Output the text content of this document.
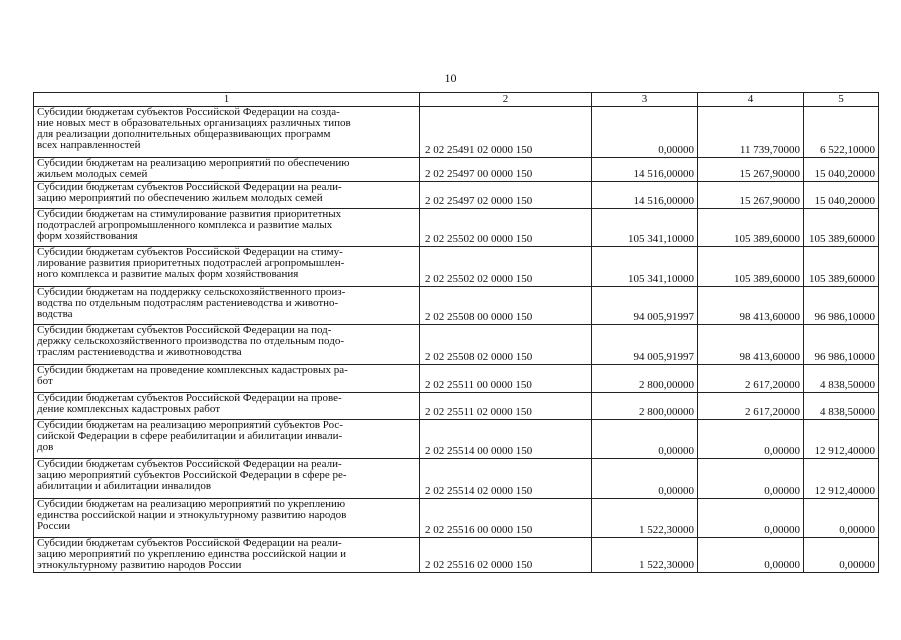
10
1	2	3	4	5

Субсидии бюджетам субъектов Российской Федерации на созда-
ние новых мест в образовательных организациях различных типов
для реализации дополнительных общеразвивающих программ
всех направленностей	2 02 25491 02 0000 150	0,00000	11 739,70000	6 522,10000

Субсидии бюджетам на реализацию мероприятий по обеспечению
жильем молодых семей	2 02 25497 00 0000 150	14 516,00000	15 267,90000	15 040,20000

Субсидии бюджетам субъектов Российской Федерации на реали-
зацию мероприятий по обеспечению жильем молодых семей	2 02 25497 02 0000 150	14 516,00000	15 267,90000	15 040,20000

Субсидии бюджетам на стимулирование развития приоритетных
подотраслей агропромышленного комплекса и развитие малых
форм хозяйствования	2 02 25502 00 0000 150	105 341,10000	105 389,60000	105 389,60000

Субсидии бюджетам субъектов Российской Федерации на стиму-
лирование развития приоритетных подотраслей агропромышлен-
ного комплекса и развитие малых форм хозяйствования	2 02 25502 02 0000 150	105 341,10000	105 389,60000	105 389,60000

Субсидии бюджетам на поддержку сельскохозяйственного произ-
водства по отдельным подотраслям растениеводства и животно-
водства	2 02 25508 00 0000 150	94 005,91997	98 413,60000	96 986,10000

Субсидии бюджетам субъектов Российской Федерации на под-
держку сельскохозяйственного производства по отдельным подо-
траслям растениеводства и животноводства	2 02 25508 02 0000 150	94 005,91997	98 413,60000	96 986,10000

Субсидии бюджетам на проведение комплексных кадастровых ра-
бот	2 02 25511 00 0000 150	2 800,00000	2 617,20000	4 838,50000

Субсидии бюджетам субъектов Российской Федерации на прове-
дение комплексных кадастровых работ	2 02 25511 02 0000 150	2 800,00000	2 617,20000	4 838,50000

Субсидии бюджетам на реализацию мероприятий субъектов Рос-
сийской Федерации в сфере реабилитации и абилитации инвали-
дов	2 02 25514 00 0000 150	0,00000	0,00000	12 912,40000

Субсидии бюджетам субъектов Российской Федерации на реали-
зацию мероприятий субъектов Российской Федерации в сфере ре-
абилитации и абилитации инвалидов	2 02 25514 02 0000 150	0,00000	0,00000	12 912,40000

Субсидии бюджетам на реализацию мероприятий по укреплению
единства российской нации и этнокультурному развитию народов
России	2 02 25516 00 0000 150	1 522,30000	0,00000	0,00000

Субсидии бюджетам субъектов Российской Федерации на реали-
зацию мероприятий по укреплению единства российской нации и
этнокультурному развитию народов России	2 02 25516 02 0000 150	1 522,30000	0,00000	0,00000
